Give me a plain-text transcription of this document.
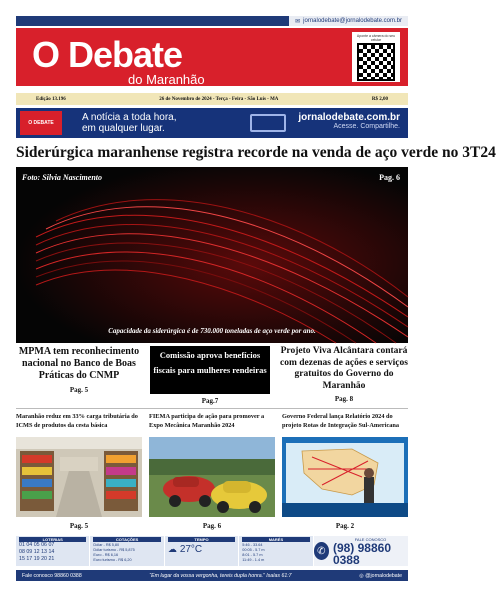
✉ jornalodebate@jornalodebate.com.br
O Debate
do Maranhão
Aponte a câmera do seu celular
Edição 13.196	26 de Novembro de 2024 - Terça - Feira - São Luís - MA	R$ 2,00
O DEBATE	A notícia a toda hora,
em qualquer lugar.
jornalodebate.com.br
Acesse. Compartilhe.
Siderúrgica maranhense registra recorde na venda de aço verde no 3T24
Foto: Silvia Nascimento	Pag. 6
Capacidade da siderúrgica é de 730.000 toneladas de aço verde por ano.
MPMA tem reconhecimento nacional no Banco de Boas Práticas do CNMP
Pag. 5
Comissão aprova benefícios fiscais para mulheres rendeiras
Pag.7
Projeto Viva Alcântara contará com dezenas de ações e serviços gratuitos do Governo do Maranhão
Pag. 8
Maranhão reduz em 33% carga tributária do ICMS de produtos da cesta básica
Pag. 5
FIEMA participa de ação para promover a Expo Mecânica Maranhão 2024
Pag. 6
Governo Federal lança Relatório 2024 do projeto Rotas de Integração Sul-Americana
Pag. 2
LOTERIAS
01 04 05 06 07
08 09 12 13 14
15 17 19 20 21
COTAÇÕES
Dólar - R$ 5,80
Dólar turismo - R$ 5,875
Euro - R$ 6,16
Euro turismo - R$ 6,20
TEMPO
☁ 27°C
MARÉS
5:46 - 33.64
00:05 - 5.7 m
8:01 - 5.7 m
11:49 - 1.4 m
✆
FALE CONOSCO
(98) 98860 0388
Fale conosco 98860 0388	“Em lugar da vossa vergonha, tereis dupla honra.” Isaías 61:7	◎ @jornalodebate
